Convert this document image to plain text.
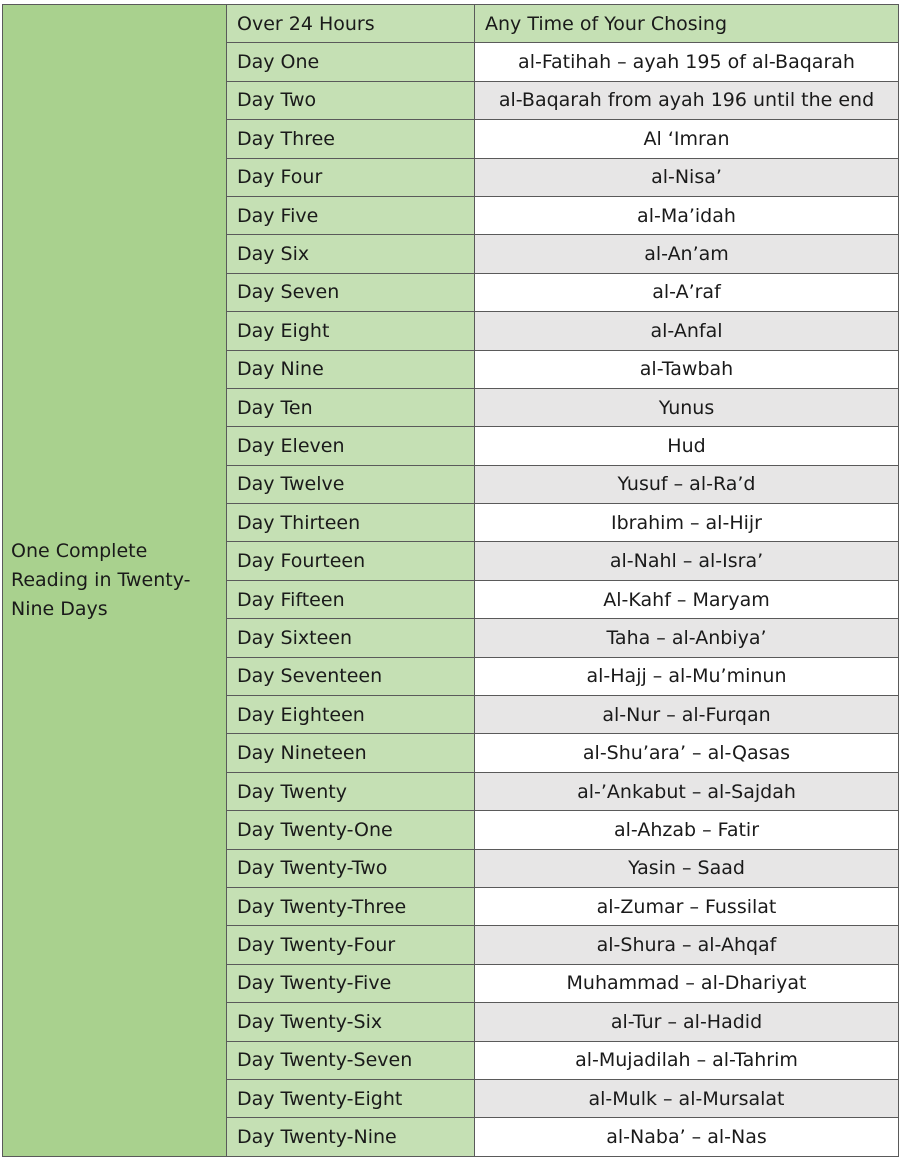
One Complete Reading in Twenty-Nine Days	Over 24 Hours	Any Time of Your Chosing
	Day One	al-Fatihah – ayah 195 of al-Baqarah
	Day Two	al-Baqarah from ayah 196 until the end
	Day Three	Al ‘Imran
	Day Four	al-Nisa’
	Day Five	al-Ma’idah
	Day Six	al-An’am
	Day Seven	al-A’raf
	Day Eight	al-Anfal
	Day Nine	al-Tawbah
	Day Ten	Yunus
	Day Eleven	Hud
	Day Twelve	Yusuf – al-Ra’d
	Day Thirteen	Ibrahim – al-Hijr
	Day Fourteen	al-Nahl – al-Isra’
	Day Fifteen	Al-Kahf – Maryam
	Day Sixteen	Taha – al-Anbiya’
	Day Seventeen	al-Hajj – al-Mu’minun
	Day Eighteen	al-Nur – al-Furqan
	Day Nineteen	al-Shu’ara’ – al-Qasas
	Day Twenty	al-’Ankabut – al-Sajdah
	Day Twenty-One	al-Ahzab – Fatir
	Day Twenty-Two	Yasin – Saad
	Day Twenty-Three	al-Zumar – Fussilat
	Day Twenty-Four	al-Shura – al-Ahqaf
	Day Twenty-Five	Muhammad – al-Dhariyat
	Day Twenty-Six	al-Tur – al-Hadid
	Day Twenty-Seven	al-Mujadilah – al-Tahrim
	Day Twenty-Eight	al-Mulk – al-Mursalat
	Day Twenty-Nine	al-Naba’ – al-Nas
